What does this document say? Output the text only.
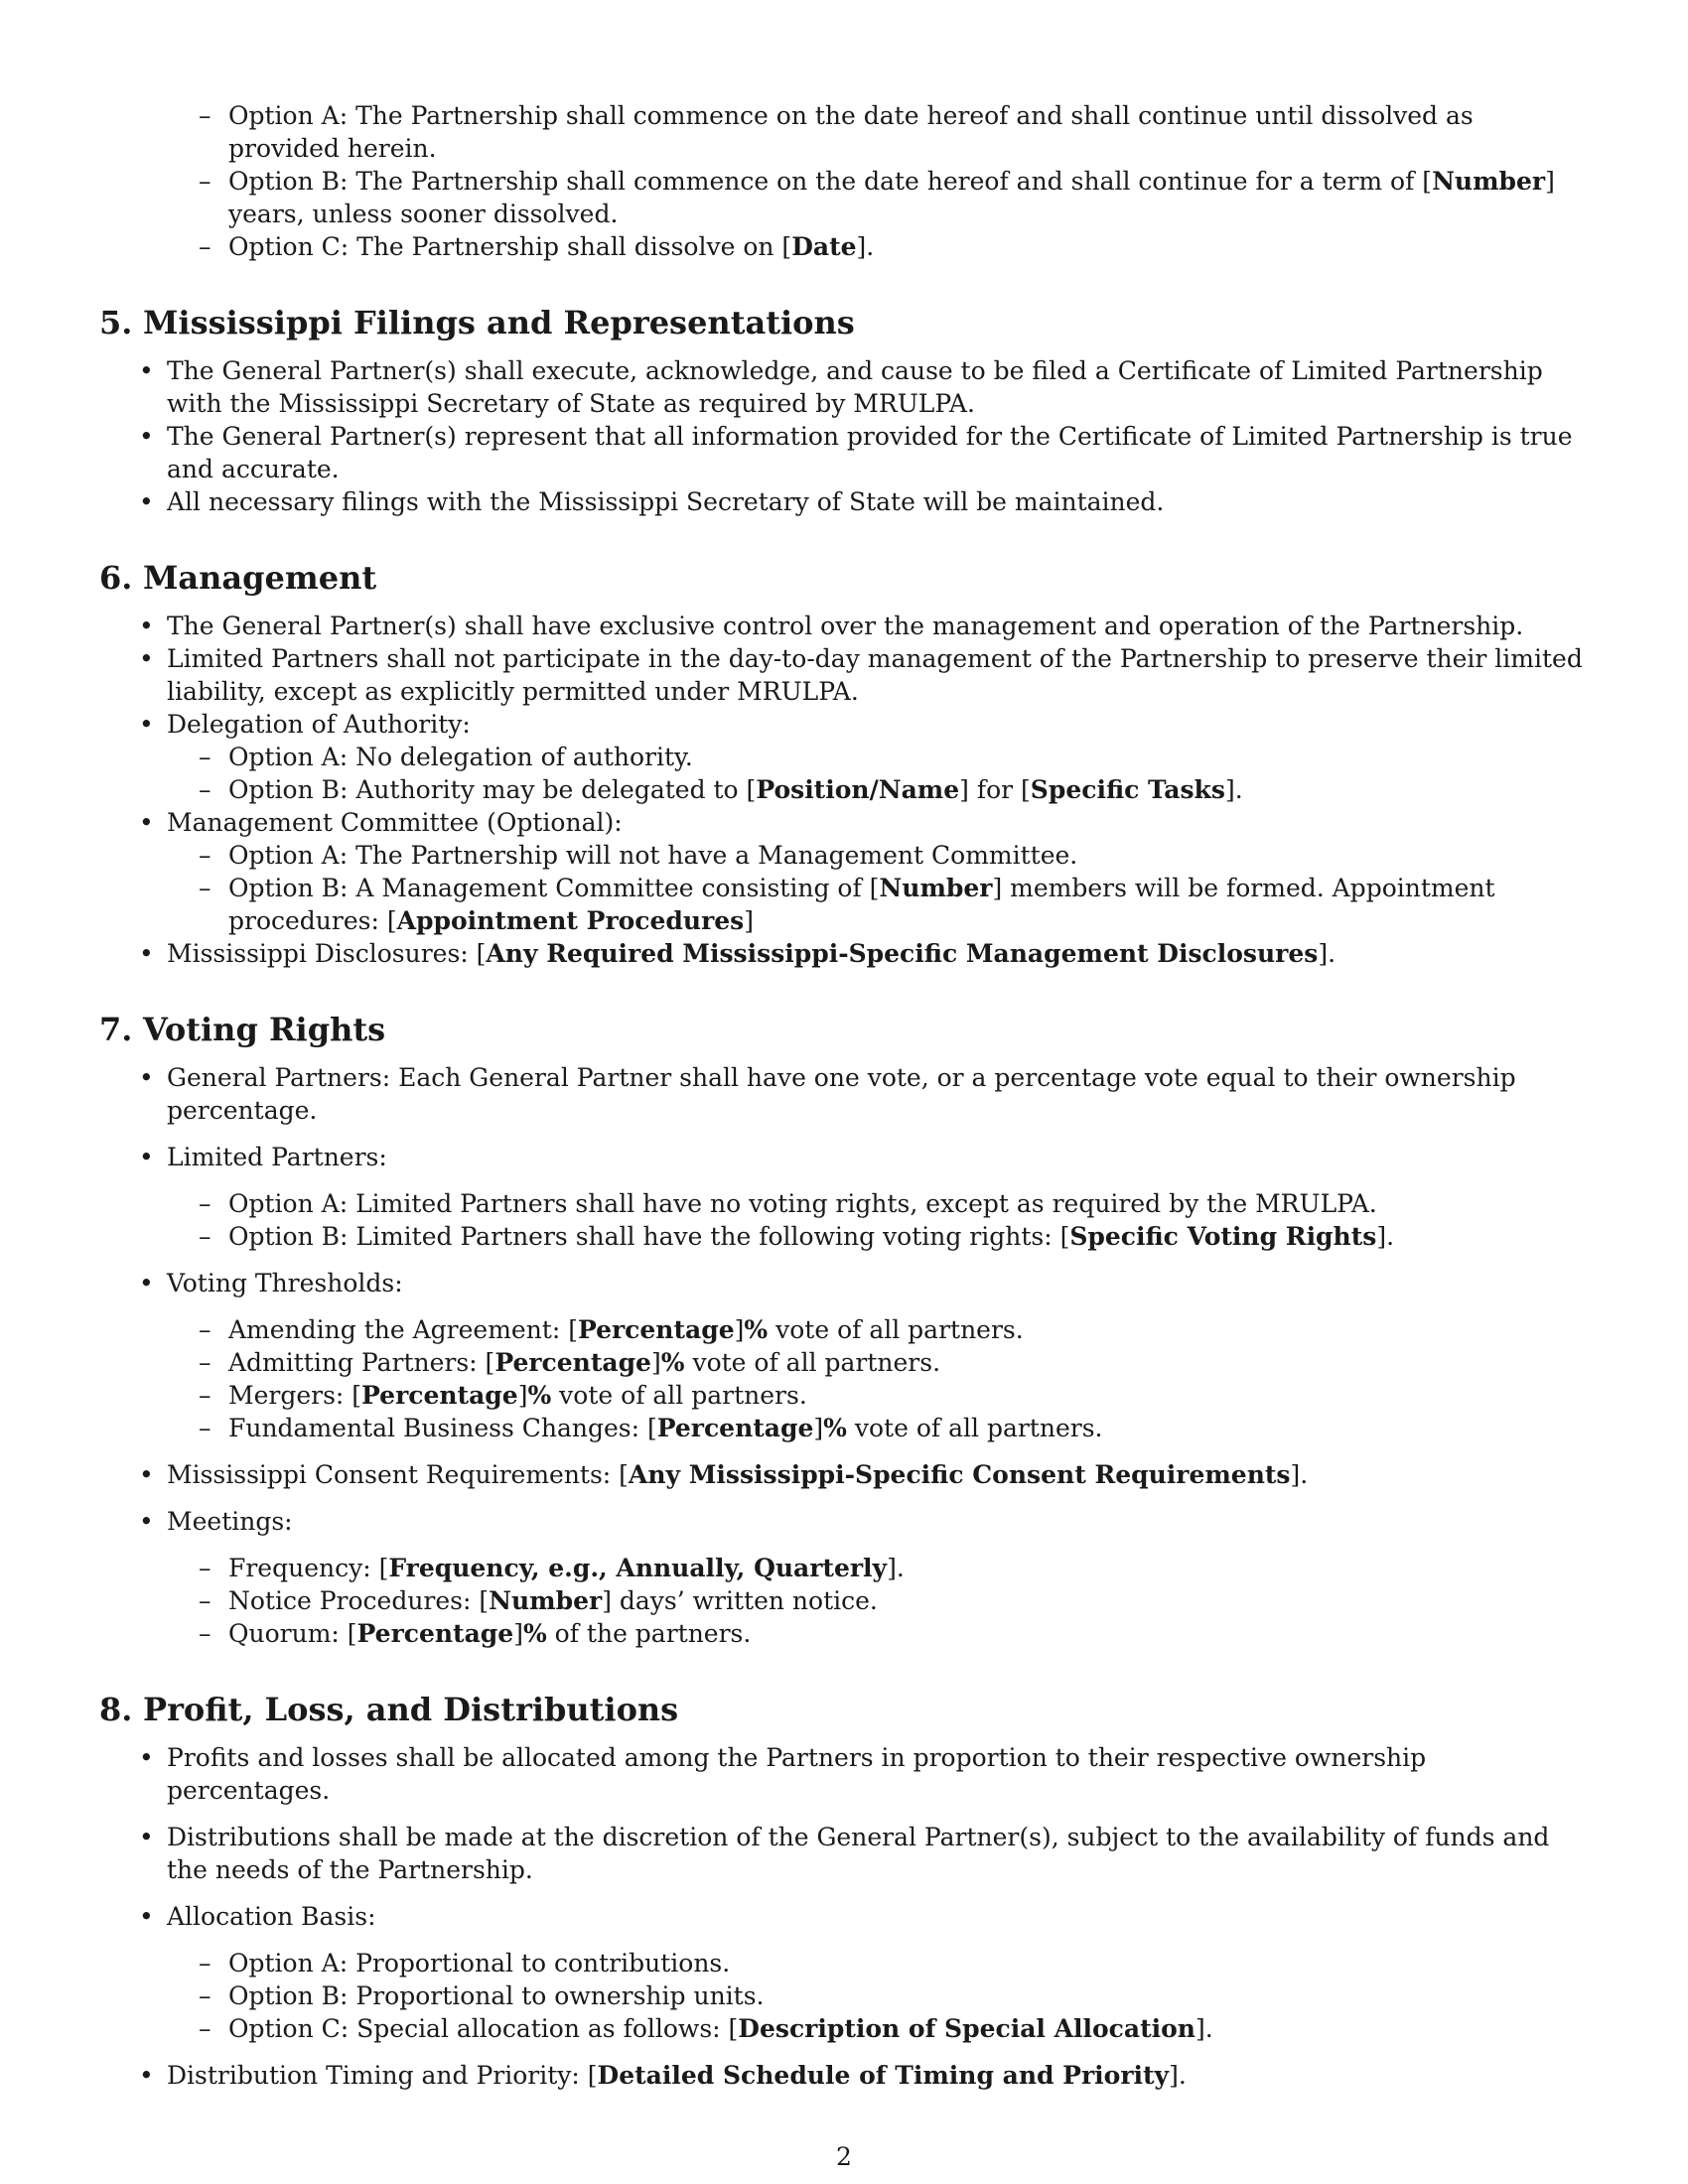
– Option A: The Partnership shall commence on the date hereof and shall continue until dissolved as provided herein.
– Option B: The Partnership shall commence on the date hereof and shall continue for a term of [Number] years, unless sooner dissolved.
– Option C: The Partnership shall dissolve on [Date].
5. Mississippi Filings and Representations
• The General Partner(s) shall execute, acknowledge, and cause to be filed a Certificate of Limited Partnership with the Mississippi Secretary of State as required by MRULPA.
• The General Partner(s) represent that all information provided for the Certificate of Limited Partnership is true and accurate.
• All necessary filings with the Mississippi Secretary of State will be maintained.
6. Management
• The General Partner(s) shall have exclusive control over the management and operation of the Partnership.
• Limited Partners shall not participate in the day-to-day management of the Partnership to preserve their limited liability, except as explicitly permitted under MRULPA.
• Delegation of Authority:
– Option A: No delegation of authority.
– Option B: Authority may be delegated to [Position/Name] for [Specific Tasks].
• Management Committee (Optional):
– Option A: The Partnership will not have a Management Committee.
– Option B: A Management Committee consisting of [Number] members will be formed. Appointment procedures: [Appointment Procedures]
• Mississippi Disclosures: [Any Required Mississippi-Specific Management Disclosures].
7. Voting Rights
• General Partners: Each General Partner shall have one vote, or a percentage vote equal to their ownership percentage.
• Limited Partners:
– Option A: Limited Partners shall have no voting rights, except as required by the MRULPA.
– Option B: Limited Partners shall have the following voting rights: [Specific Voting Rights].
• Voting Thresholds:
– Amending the Agreement: [Percentage]% vote of all partners.
– Admitting Partners: [Percentage]% vote of all partners.
– Mergers: [Percentage]% vote of all partners.
– Fundamental Business Changes: [Percentage]% vote of all partners.
• Mississippi Consent Requirements: [Any Mississippi-Specific Consent Requirements].
• Meetings:
– Frequency: [Frequency, e.g., Annually, Quarterly].
– Notice Procedures: [Number] days’ written notice.
– Quorum: [Percentage]% of the partners.
8. Profit, Loss, and Distributions
• Profits and losses shall be allocated among the Partners in proportion to their respective ownership percentages.
• Distributions shall be made at the discretion of the General Partner(s), subject to the availability of funds and the needs of the Partnership.
• Allocation Basis:
– Option A: Proportional to contributions.
– Option B: Proportional to ownership units.
– Option C: Special allocation as follows: [Description of Special Allocation].
• Distribution Timing and Priority: [Detailed Schedule of Timing and Priority].
2
